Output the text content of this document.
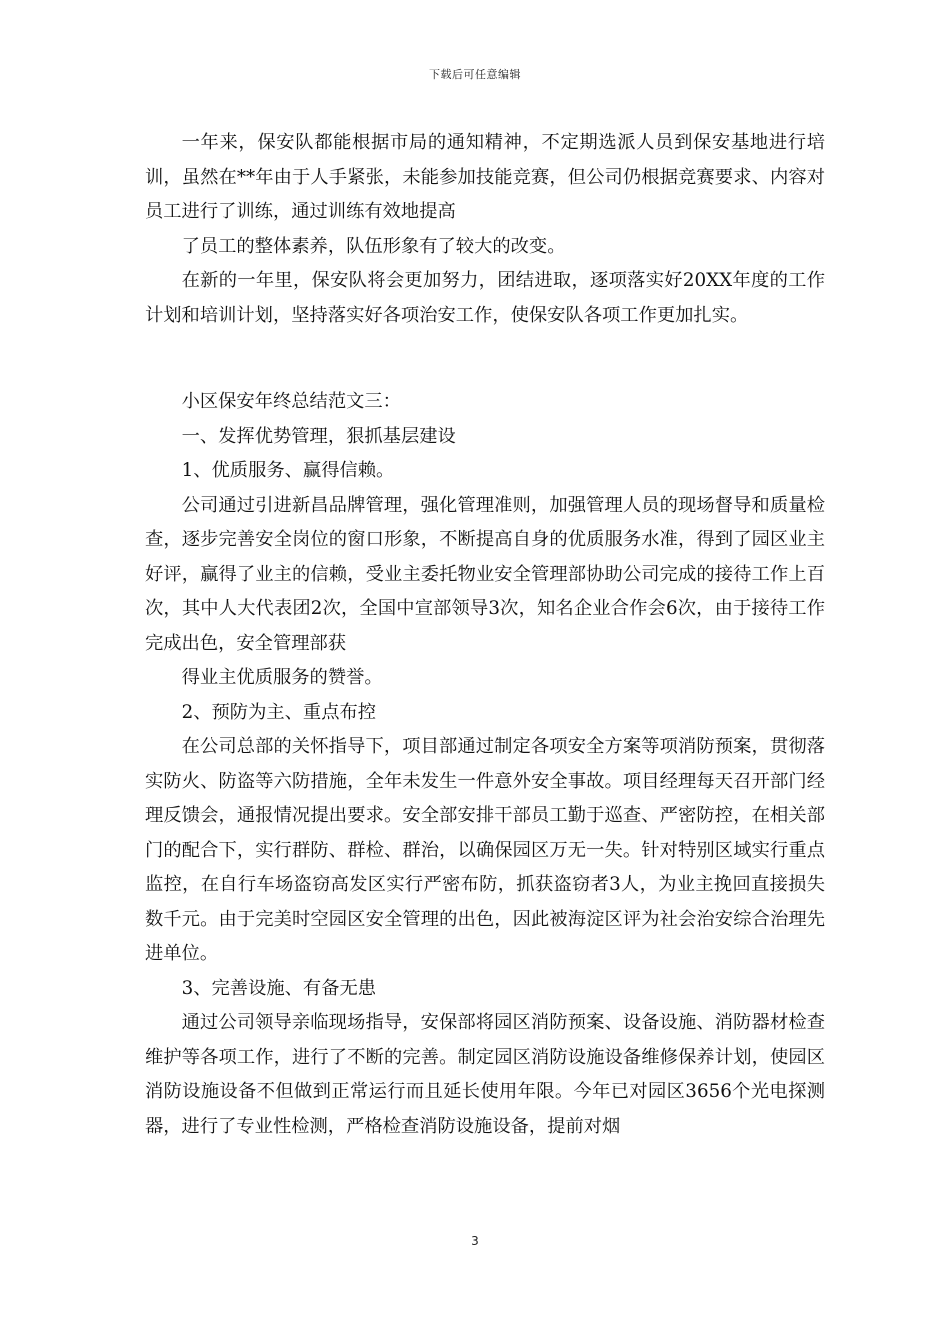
下载后可任意编辑

一年来，保安队都能根据市局的通知精神，不定期选派人员到保安基地进行培训，虽然在**年由于人手紧张，未能参加技能竞赛，但公司仍根据竞赛要求、内容对员工进行了训练，通过训练有效地提高

了员工的整体素养，队伍形象有了较大的改变。

在新的一年里，保安队将会更加努力，团结进取，逐项落实好20XX年度的工作计划和培训计划，坚持落实好各项治安工作，使保安队各项工作更加扎实。

小区保安年终总结范文三：

一、发挥优势管理，狠抓基层建设

1、优质服务、赢得信赖。

公司通过引进新昌品牌管理，强化管理准则，加强管理人员的现场督导和质量检查，逐步完善安全岗位的窗口形象，不断提高自身的优质服务水准，得到了园区业主好评，赢得了业主的信赖，受业主委托物业安全管理部协助公司完成的接待工作上百次，其中人大代表团2次，全国中宣部领导3次，知名企业合作会6次，由于接待工作完成出色，安全管理部获

得业主优质服务的赞誉。

2、预防为主、重点布控

在公司总部的关怀指导下，项目部通过制定各项安全方案等项消防预案，贯彻落实防火、防盗等六防措施，全年未发生一件意外安全事故。项目经理每天召开部门经理反馈会，通报情况提出要求。安全部安排干部员工勤于巡查、严密防控，在相关部门的配合下，实行群防、群检、群治，以确保园区万无一失。针对特别区域实行重点监控，在自行车场盗窃高发区实行严密布防，抓获盗窃者3人，为业主挽回直接损失数千元。由于完美时空园区安全管理的出色，因此被海淀区评为社会治安综合治理先进单位。

3、完善设施、有备无患

通过公司领导亲临现场指导，安保部将园区消防预案、设备设施、消防器材检查维护等各项工作，进行了不断的完善。制定园区消防设施设备维修保养计划，使园区消防设施设备不但做到正常运行而且延长使用年限。今年已对园区3656个光电探测器，进行了专业性检测，严格检查消防设施设备，提前对烟

3
